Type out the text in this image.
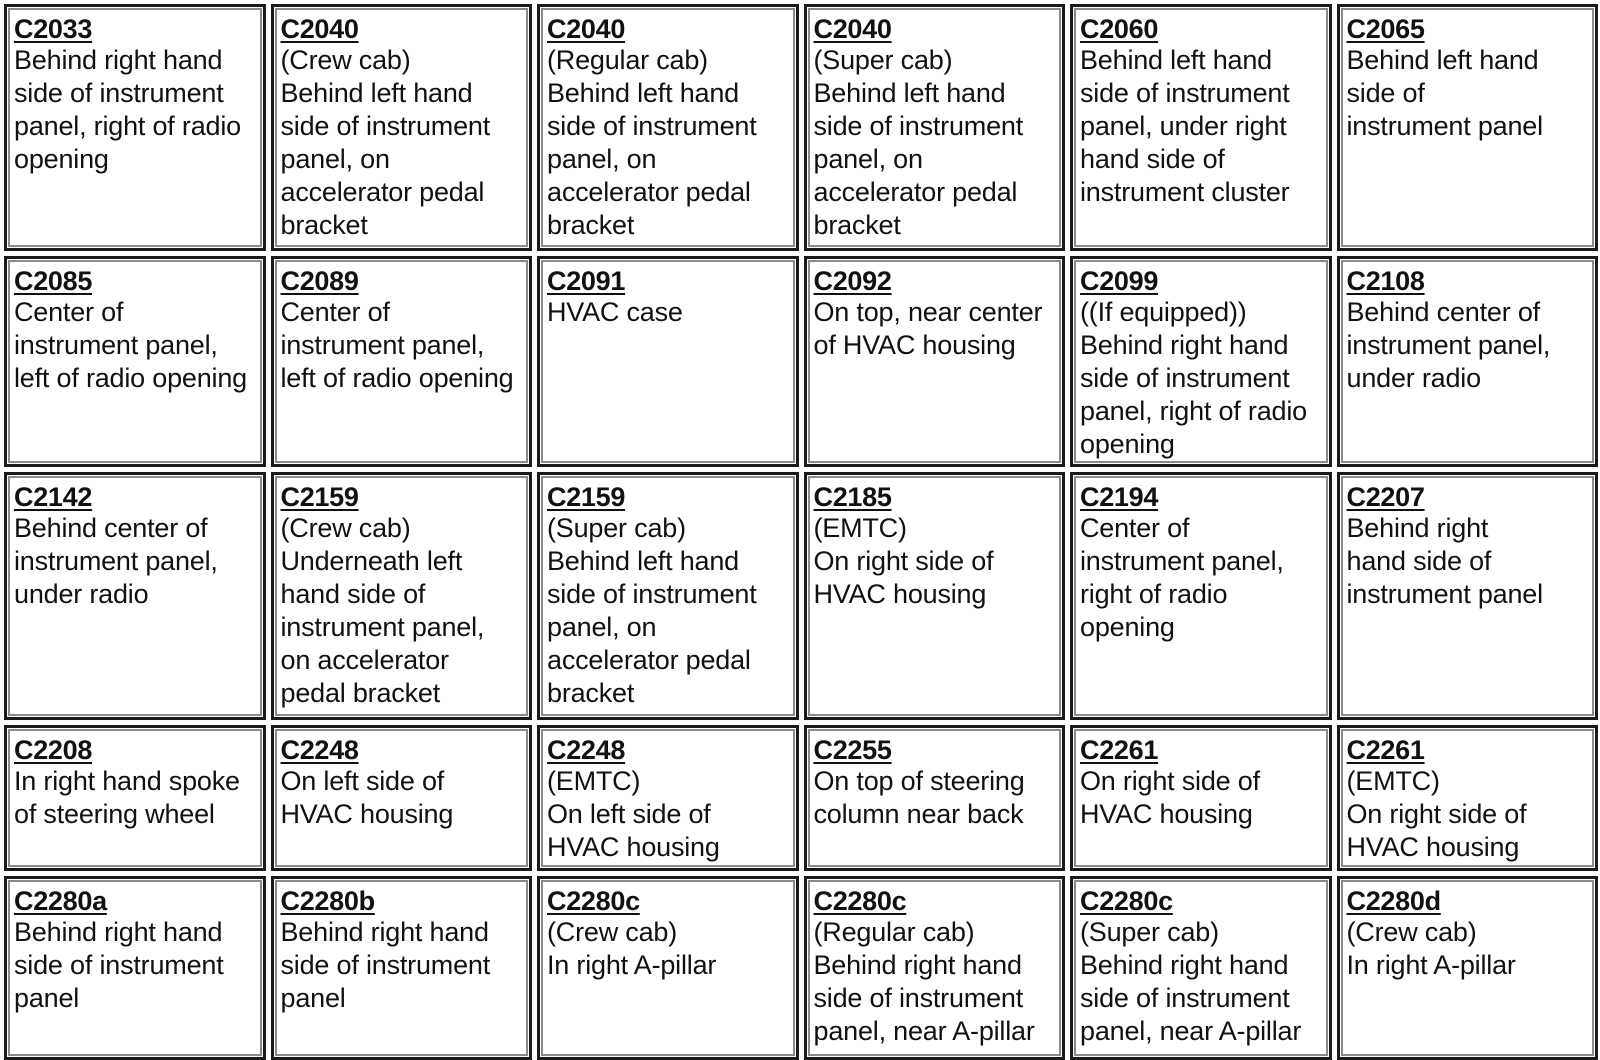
C2033
Behind right hand
side of instrument
panel, right of radio
opening
C2040
(Crew cab)
Behind left hand
side of instrument
panel, on
accelerator pedal
bracket
C2040
(Regular cab)
Behind left hand
side of instrument
panel, on
accelerator pedal
bracket
C2040
(Super cab)
Behind left hand
side of instrument
panel, on
accelerator pedal
bracket
C2060
Behind left hand
side of instrument
panel, under right
hand side of
instrument cluster
C2065
Behind left hand
side of
instrument panel
C2085
Center of
instrument panel,
left of radio opening
C2089
Center of
instrument panel,
left of radio opening
C2091
HVAC case
C2092
On top, near center
of HVAC housing
C2099
((If equipped))
Behind right hand
side of instrument
panel, right of radio
opening
C2108
Behind center of
instrument panel,
under radio
C2142
Behind center of
instrument panel,
under radio
C2159
(Crew cab)
Underneath left
hand side of
instrument panel,
on accelerator
pedal bracket
C2159
(Super cab)
Behind left hand
side of instrument
panel, on
accelerator pedal
bracket
C2185
(EMTC)
On right side of
HVAC housing
C2194
Center of
instrument panel,
right of radio
opening
C2207
Behind right
hand side of
instrument panel
C2208
In right hand spoke
of steering wheel
C2248
On left side of
HVAC housing
C2248
(EMTC)
On left side of
HVAC housing
C2255
On top of steering
column near back
C2261
On right side of
HVAC housing
C2261
(EMTC)
On right side of
HVAC housing
C2280a
Behind right hand
side of instrument
panel
C2280b
Behind right hand
side of instrument
panel
C2280c
(Crew cab)
In right A-pillar
C2280c
(Regular cab)
Behind right hand
side of instrument
panel, near A-pillar
C2280c
(Super cab)
Behind right hand
side of instrument
panel, near A-pillar
C2280d
(Crew cab)
In right A-pillar
